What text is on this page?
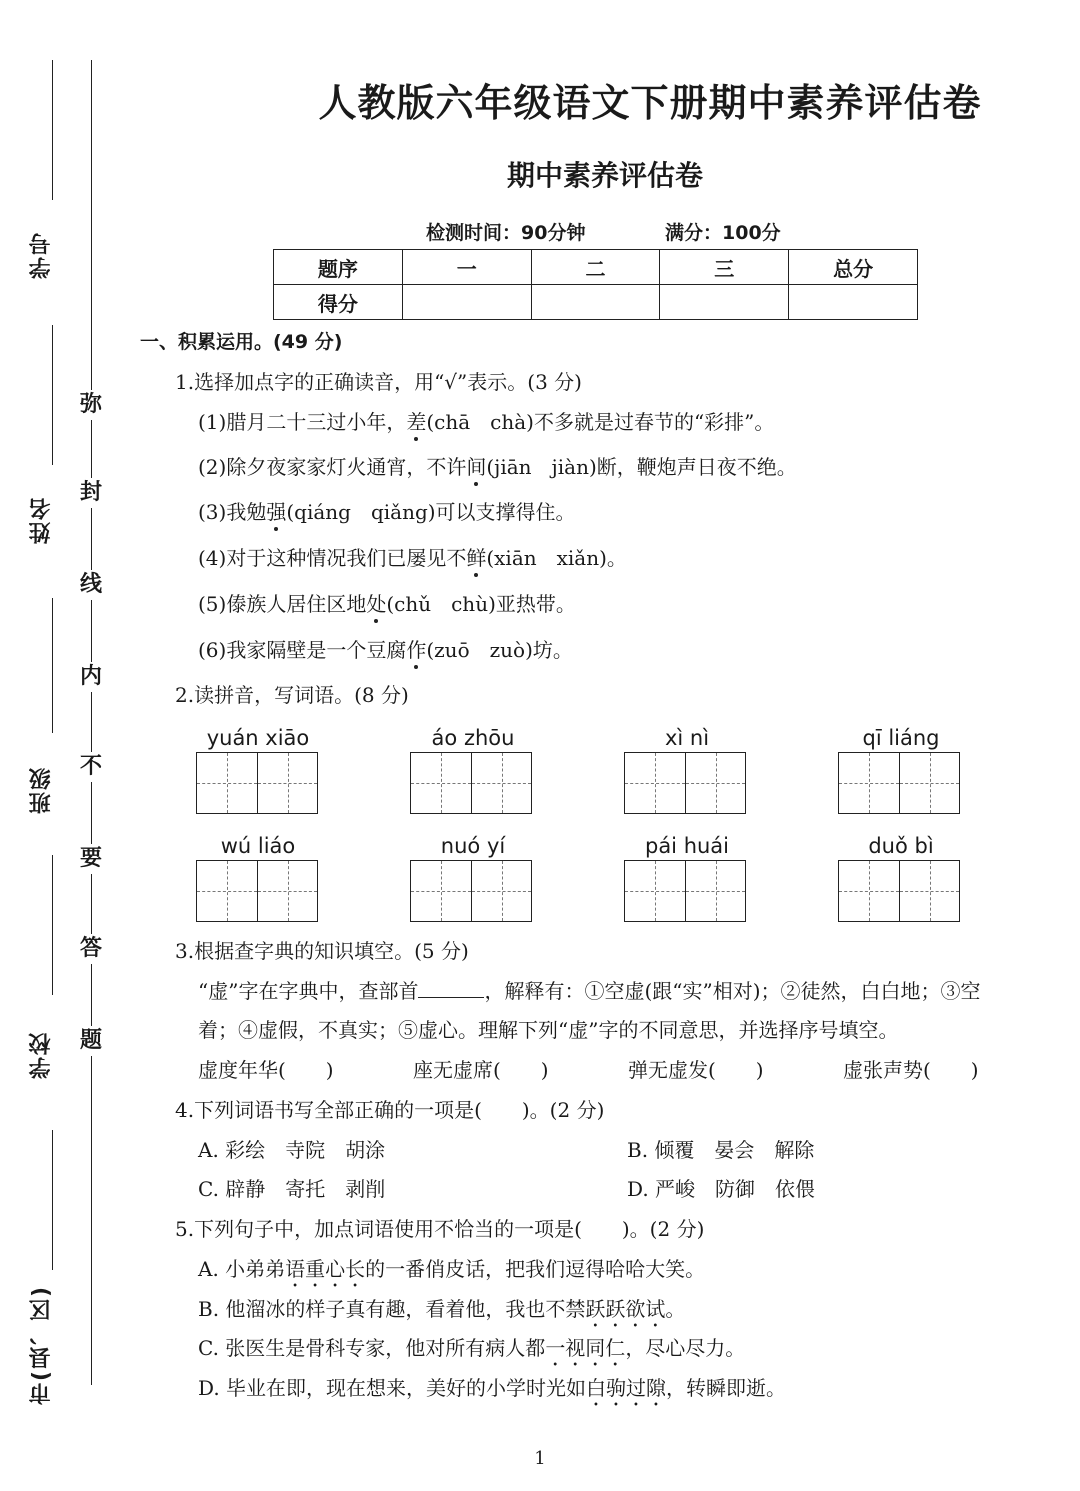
学号
姓名
班级
学校
市(县、区)
弥
封
线
内
不
要
答
题
人教版六年级语文下册期中素养评估卷
期中素养评估卷
检测时间：90分钟	满分：100分
题序	一	二	三	总分
得分				
一、积累运用。(49 分)
1.选择加点字的正确读音，用“√”表示。(3 分)
(1)腊月二十三过小年，差(chā　chà)不多就是过春节的“彩排”。
(2)除夕夜家家灯火通宵，不许间(jiān　jiàn)断，鞭炮声日夜不绝。
(3)我勉强(qiáng　qiǎng)可以支撑得住。
(4)对于这种情况我们已屡见不鲜(xiān　xiǎn)。
(5)傣族人居住区地处(chǔ　chù)亚热带。
(6)我家隔壁是一个豆腐作(zuō　zuò)坊。
2.读拼音，写词语。(8 分)
yuán xiāo	áo zhōu	xì nì	qī liáng
wú liáo	nuó yí	pái huái	duǒ bì
3.根据查字典的知识填空。(5 分)
“虚”字在字典中，查部首	，解释有：①空虚(跟“实”相对)；②徒然，白白地；③空
着；④虚假，不真实；⑤虚心。理解下列“虚”字的不同意思，并选择序号填空。
虚度年华(　　)	座无虚席(　　)	弹无虚发(　　)	虚张声势(　　)
4.下列词语书写全部正确的一项是(　　)。(2 分)
A. 彩绘　寺院　胡涂	B. 倾覆　晏会　解除
C. 辟静　寄托　剥削	D. 严峻　防御　依偎
5.下列句子中，加点词语使用不恰当的一项是(　　)。(2 分)
A. 小弟弟语重心长的一番俏皮话，把我们逗得哈哈大笑。
B. 他溜冰的样子真有趣，看着他，我也不禁跃跃欲试。
C. 张医生是骨科专家，他对所有病人都一视同仁，尽心尽力。
D. 毕业在即，现在想来，美好的小学时光如白驹过隙，转瞬即逝。
1
